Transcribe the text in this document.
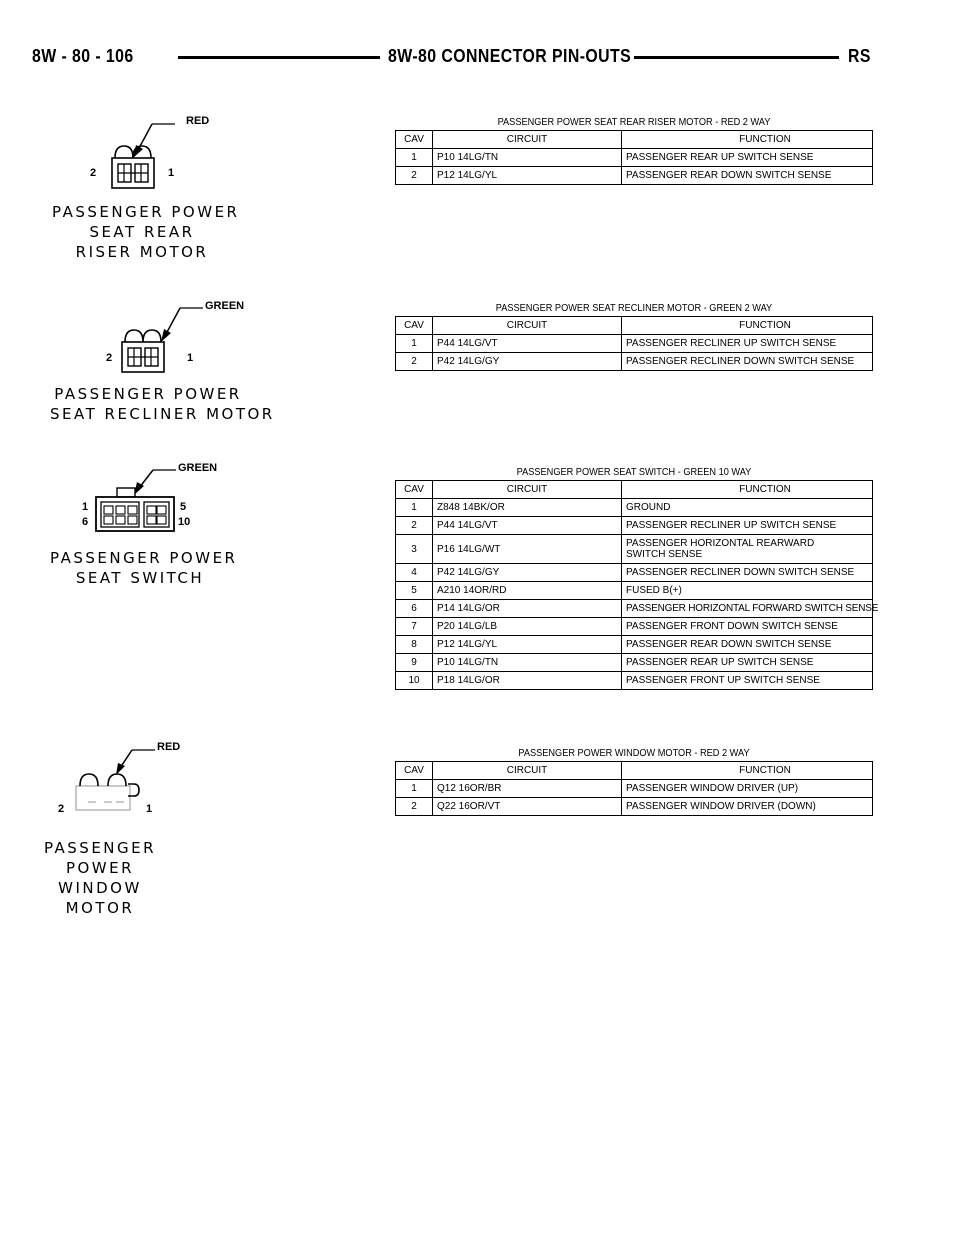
8W - 80 - 106	8W-80 CONNECTOR PIN-OUTS	RS
RED
2	1
PASSENGER POWER
SEAT REAR
RISER MOTOR
PASSENGER POWER SEAT REAR RISER MOTOR - RED 2 WAY
CAV	CIRCUIT	FUNCTION
1	P10 14LG/TN	PASSENGER REAR UP SWITCH SENSE
2	P12 14LG/YL	PASSENGER REAR DOWN SWITCH SENSE
GREEN
2	1
PASSENGER POWER
SEAT RECLINER MOTOR
PASSENGER POWER SEAT RECLINER MOTOR - GREEN 2 WAY
CAV	CIRCUIT	FUNCTION
1	P44 14LG/VT	PASSENGER RECLINER UP SWITCH SENSE
2	P42 14LG/GY	PASSENGER RECLINER DOWN SWITCH SENSE
GREEN
1	5
6	10
PASSENGER POWER
SEAT SWITCH
PASSENGER POWER SEAT SWITCH - GREEN 10 WAY
CAV	CIRCUIT	FUNCTION
1	Z848 14BK/OR	GROUND
2	P44 14LG/VT	PASSENGER RECLINER UP SWITCH SENSE
3	P16 14LG/WT	PASSENGER HORIZONTAL REARWARD SWITCH SENSE
4	P42 14LG/GY	PASSENGER RECLINER DOWN SWITCH SENSE
5	A210 14OR/RD	FUSED B(+)
6	P14 14LG/OR	PASSENGER HORIZONTAL FORWARD SWITCH SENSE
7	P20 14LG/LB	PASSENGER FRONT DOWN SWITCH SENSE
8	P12 14LG/YL	PASSENGER REAR DOWN SWITCH SENSE
9	P10 14LG/TN	PASSENGER REAR UP SWITCH SENSE
10	P18 14LG/OR	PASSENGER FRONT UP SWITCH SENSE
RED
2	1
PASSENGER
POWER
WINDOW
MOTOR
PASSENGER POWER WINDOW MOTOR - RED 2 WAY
CAV	CIRCUIT	FUNCTION
1	Q12 16OR/BR	PASSENGER WINDOW DRIVER (UP)
2	Q22 16OR/VT	PASSENGER WINDOW DRIVER (DOWN)
